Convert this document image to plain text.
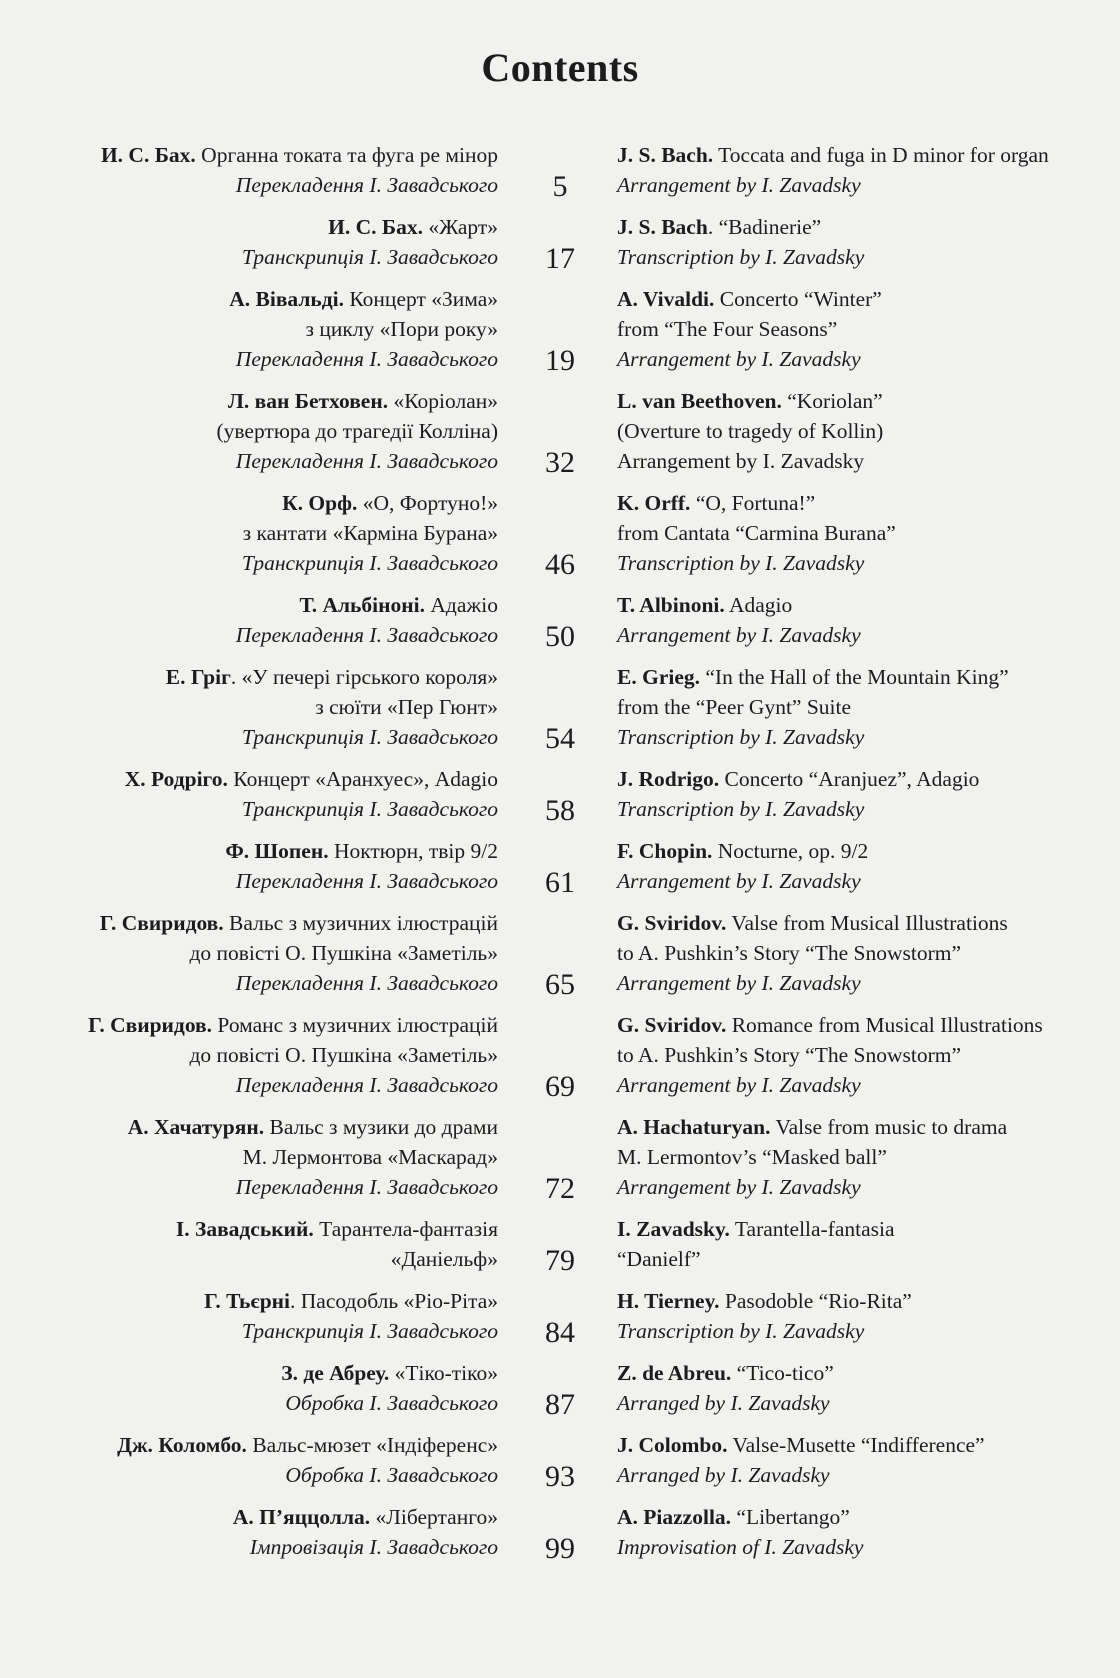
Contents
И. С. Бах. Органна токата та фуга ре мінор
Перекладення І. Завадського	5
J. S. Bach. Toccata and fuga in D minor for organ
Arrangement by I. Zavadsky
И. С. Бах. «Жарт»
Транскрипція І. Завадського	17
J. S. Bach. “Badinerie”
Transcription by I. Zavadsky
А. Вівальді. Концерт «Зима»
з циклу «Пори року»
Перекладення І. Завадського	19
A. Vivaldi. Concerto “Winter”
from “The Four Seasons”
Arrangement by I. Zavadsky
Л. ван Бетховен. «Коріолан»
(увертюра до трагедії Колліна)
Перекладення І. Завадського	32
L. van Beethoven. “Koriolan”
(Overture to tragedy of Kollin)
Arrangement by I. Zavadsky
К. Орф. «О, Фортуно!»
з кантати «Карміна Бурана»
Транскрипція І. Завадського	46
K. Orff. “O, Fortuna!”
from Cantata “Carmina Burana”
Transcription by I. Zavadsky
Т. Альбіноні. Адажіо
Перекладення І. Завадського	50
T. Albinoni. Adagio
Arrangement by I. Zavadsky
Е. Гріг. «У печері гірського короля»
з сюїти «Пер Гюнт»
Транскрипція І. Завадського	54
E. Grieg. “In the Hall of the Mountain King”
from the “Peer Gynt” Suite
Transcription by I. Zavadsky
Х. Родріго. Концерт «Аранхуес», Adagio
Транскрипція І. Завадського	58
J. Rodrigo. Concerto “Aranjuez”, Adagio
Transcription by I. Zavadsky
Ф. Шопен. Ноктюрн, твір 9/2
Перекладення І. Завадського	61
F. Chopin. Nocturne, op. 9/2
Arrangement by I. Zavadsky
Г. Свиридов. Вальс з музичних ілюстрацій
до повісті О. Пушкіна «Заметіль»
Перекладення І. Завадського	65
G. Sviridov. Valse from Musical Illustrations
to A. Pushkin’s Story “The Snowstorm”
Arrangement by I. Zavadsky
Г. Свиридов. Романс з музичних ілюстрацій
до повісті О. Пушкіна «Заметіль»
Перекладення І. Завадського	69
G. Sviridov. Romance from Musical Illustrations
to A. Pushkin’s Story “The Snowstorm”
Arrangement by I. Zavadsky
А. Хачатурян. Вальс з музики до драми
М. Лермонтова «Маскарад»
Перекладення І. Завадського	72
A. Hachaturyan. Valse from music to drama
M. Lermontov’s “Masked ball”
Arrangement by I. Zavadsky
І. Завадський. Тарантела-фантазія
«Даніельф»	79
I. Zavadsky. Tarantella-fantasia
“Danielf”
Г. Тьєрні. Пасодобль «Ріо-Ріта»
Транскрипція І. Завадського	84
H. Tierney. Pasodoble “Rio-Rita”
Transcription by I. Zavadsky
З. де Абреу. «Тіко-тіко»
Обробка І. Завадського	87
Z. de Abreu. “Tico-tico”
Arranged by I. Zavadsky
Дж. Коломбо. Вальс-мюзет «Індіференс»
Обробка І. Завадського	93
J. Colombo. Valse-Musette “Indifference”
Arranged by I. Zavadsky
А. П’яццолла. «Лібертанго»
Імпровізація І. Завадського	99
A. Piazzolla. “Libertango”
Improvisation of I. Zavadsky
